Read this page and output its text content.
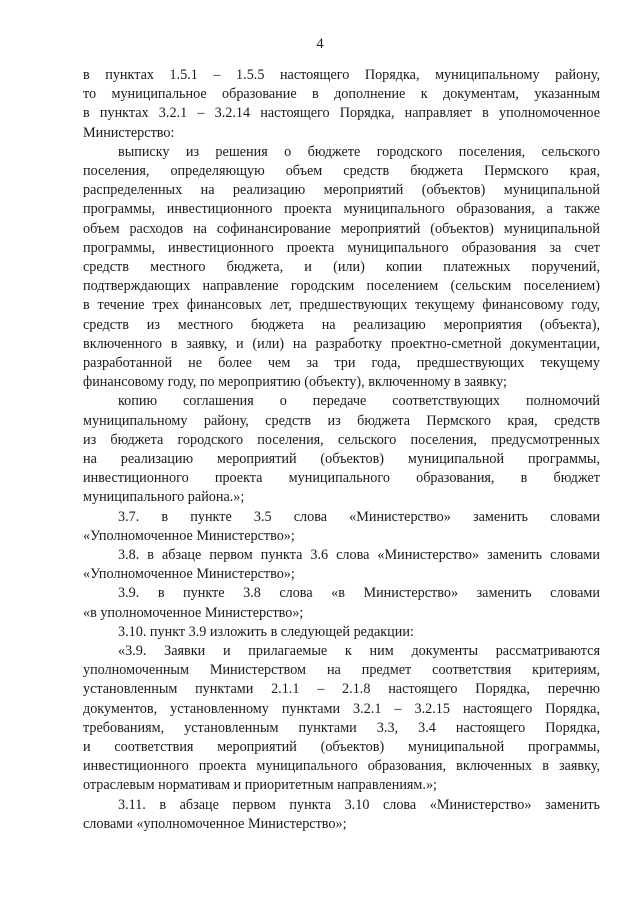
4
в пунктах 1.5.1 – 1.5.5 настоящего Порядка, муниципальному району,
то муниципальное образование в дополнение к документам, указанным
в пунктах 3.2.1 – 3.2.14 настоящего Порядка, направляет в уполномоченное
Министерство:
выписку из решения о бюджете городского поселения, сельского
поселения, определяющую объем средств бюджета Пермского края,
распределенных на реализацию мероприятий (объектов) муниципальной
программы, инвестиционного проекта муниципального образования, а также
объем расходов на софинансирование мероприятий (объектов) муниципальной
программы, инвестиционного проекта муниципального образования за счет
средств местного бюджета, и (или) копии платежных поручений,
подтверждающих направление городским поселением (сельским поселением)
в течение трех финансовых лет, предшествующих текущему финансовому году,
средств из местного бюджета на реализацию мероприятия (объекта),
включенного в заявку, и (или) на разработку проектно-сметной документации,
разработанной не более чем за три года, предшествующих текущему
финансовому году, по мероприятию (объекту), включенному в заявку;
копию соглашения о передаче соответствующих полномочий
муниципальному району, средств из бюджета Пермского края, средств
из бюджета городского поселения, сельского поселения, предусмотренных
на реализацию мероприятий (объектов) муниципальной программы,
инвестиционного проекта муниципального образования, в бюджет
муниципального района.»;
3.7. в пункте 3.5 слова «Министерство» заменить словами
«Уполномоченное Министерство»;
3.8. в абзаце первом пункта 3.6 слова «Министерство» заменить словами
«Уполномоченное Министерство»;
3.9. в пункте 3.8 слова «в Министерство» заменить словами
«в уполномоченное Министерство»;
3.10. пункт 3.9 изложить в следующей редакции:
«3.9. Заявки и прилагаемые к ним документы рассматриваются
уполномоченным Министерством на предмет соответствия критериям,
установленным пунктами 2.1.1 – 2.1.8 настоящего Порядка, перечню
документов, установленному пунктами 3.2.1 – 3.2.15 настоящего Порядка,
требованиям, установленным пунктами 3.3, 3.4 настоящего Порядка,
и соответствия мероприятий (объектов) муниципальной программы,
инвестиционного проекта муниципального образования, включенных в заявку,
отраслевым нормативам и приоритетным направлениям.»;
3.11. в абзаце первом пункта 3.10 слова «Министерство» заменить
словами «уполномоченное Министерство»;
